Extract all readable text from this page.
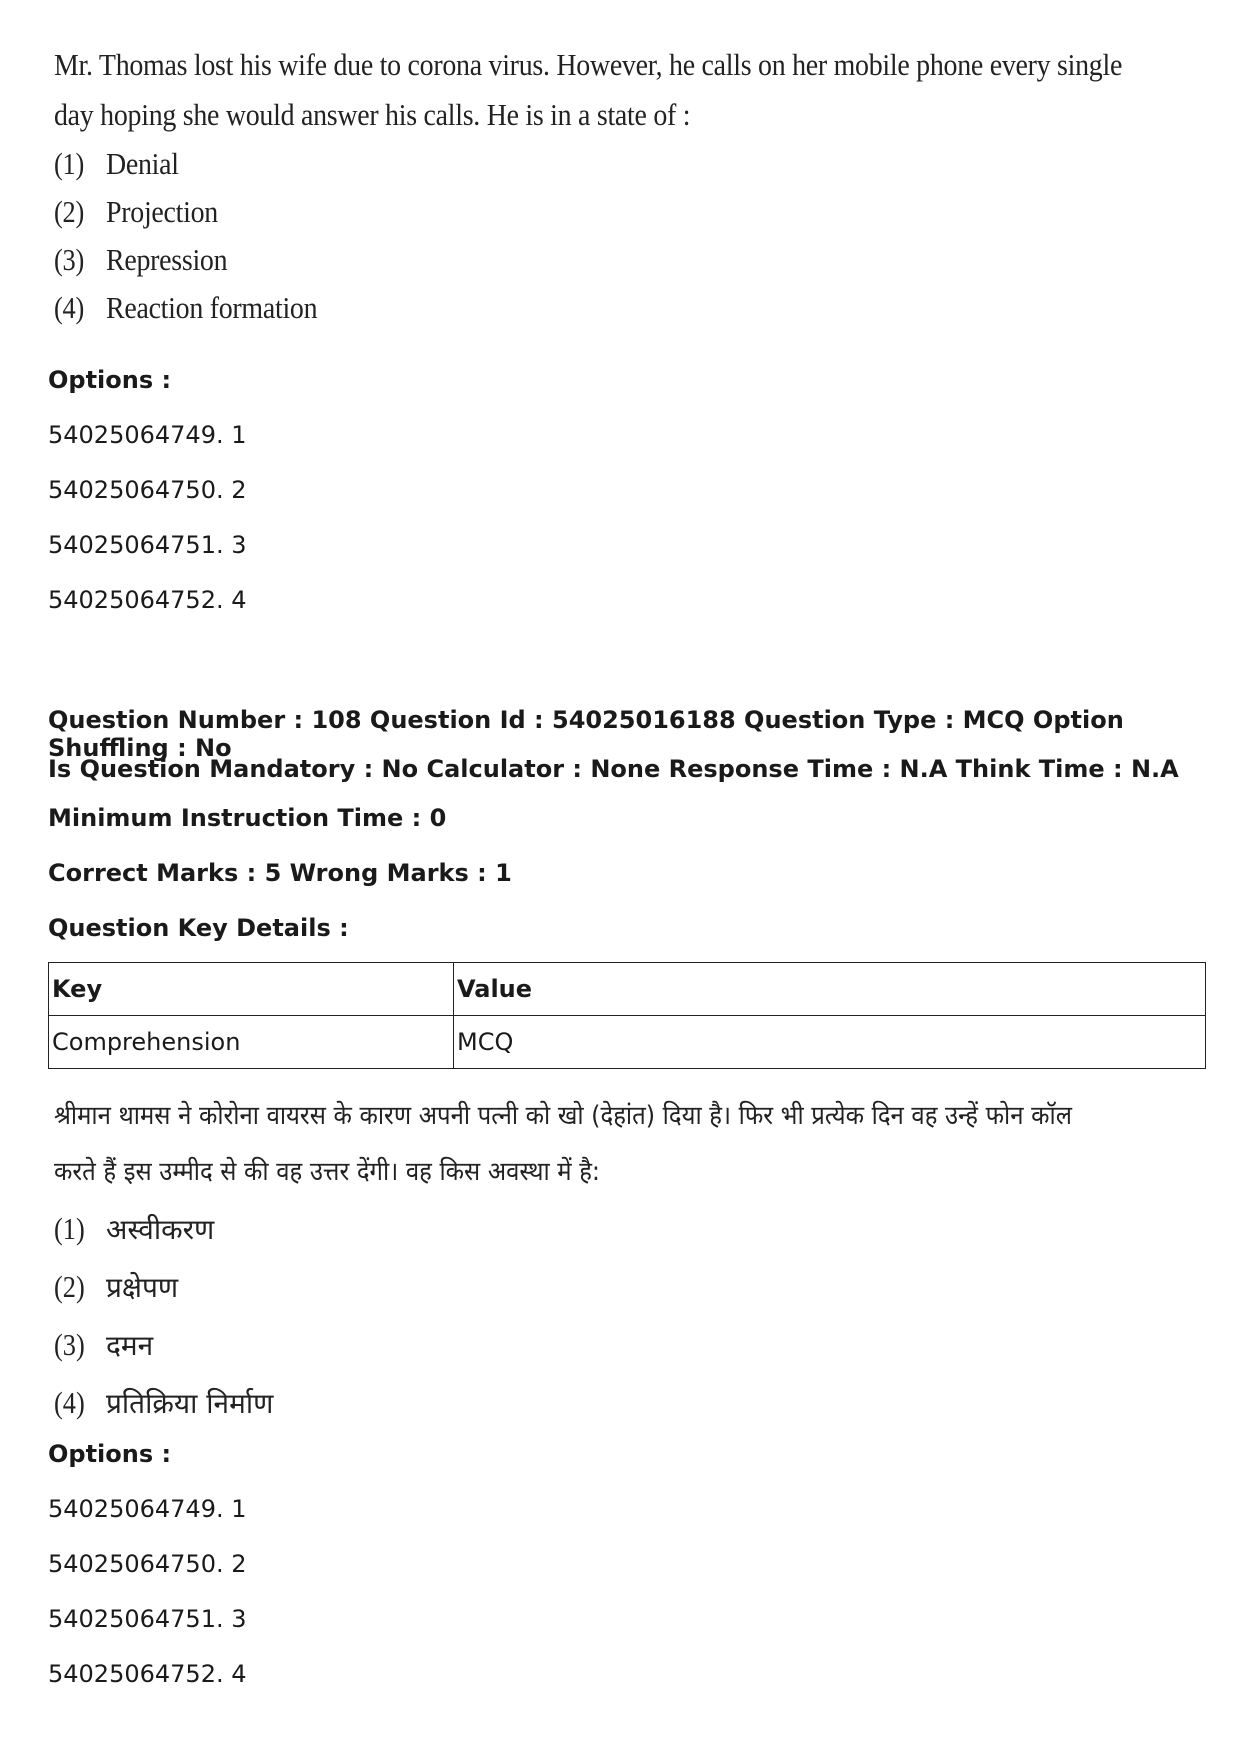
Mr. Thomas lost his wife due to corona virus. However, he calls on her mobile phone every single

day hoping she would answer his calls. He is in a state of :

(1) Denial
(2) Projection
(3) Repression
(4) Reaction formation

Options :

54025064749. 1

54025064750. 2

54025064751. 3

54025064752. 4

Question Number : 108 Question Id : 54025016188 Question Type : MCQ Option Shuffling : No

Is Question Mandatory : No Calculator : None Response Time : N.A Think Time : N.A

Minimum Instruction Time : 0

Correct Marks : 5 Wrong Marks : 1

Question Key Details :

Key	Value
Comprehension	MCQ

श्रीमान थामस ने कोरोना वायरस के कारण अपनी पत्नी को खो (देहांत) दिया है। फिर भी प्रत्येक दिन वह उन्हें फोन कॉल

करते हैं इस उम्मीद से की वह उत्तर देंगी। वह किस अवस्था में है:

(1) अस्वीकरण
(2) प्रक्षेपण
(3) दमन
(4) प्रतिक्रिया निर्माण

Options :

54025064749. 1

54025064750. 2

54025064751. 3

54025064752. 4
